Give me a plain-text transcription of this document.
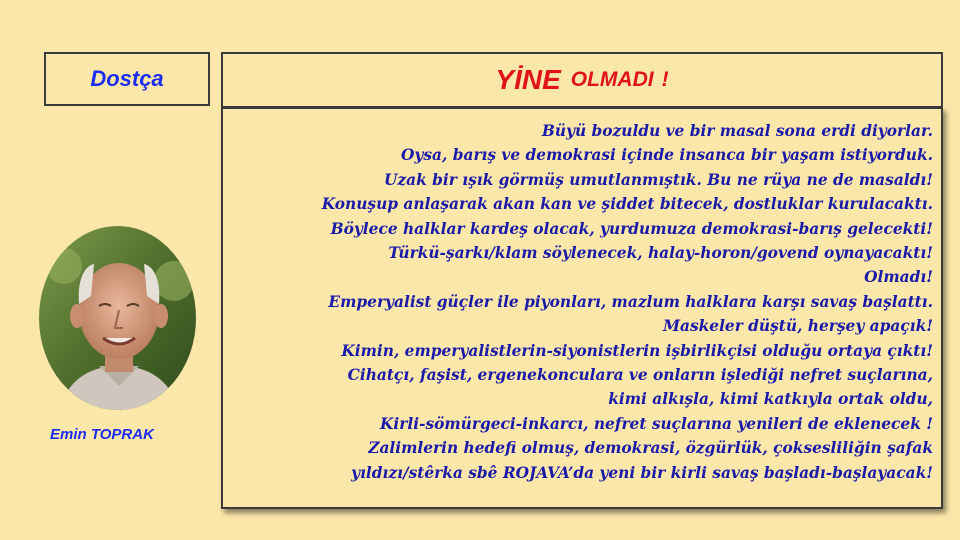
Dostça	YİNE OLMADI !
Büyü bozuldu ve bir masal sona erdi diyorlar.
Oysa, barış ve demokrasi içinde insanca bir yaşam istiyorduk.
Uzak bir ışık görmüş umutlanmıştık. Bu ne rüya ne de masaldı!
Konuşup anlaşarak akan kan ve şiddet bitecek, dostluklar kurulacaktı.
Böylece halklar kardeş olacak, yurdumuza demokrasi-barış gelecekti!
Türkü-şarkı/klam söylenecek, halay-horon/govend oynayacaktı!
Olmadı!
Emperyalist güçler ile piyonları, mazlum halklara karşı savaş başlattı.
Maskeler düştü, herşey apaçık!
Kimin, emperyalistlerin-siyonistlerin işbirlikçisi olduğu ortaya çıktı!
Cihatçı, faşist, ergenekonculara ve onların işlediği nefret suçlarına,
kimi alkışla, kimi katkıyla ortak oldu,
Kirli-sömürgeci-inkarcı, nefret suçlarına yenileri de eklenecek !
Zalimlerin hedefi olmuş, demokrasi, özgürlük, çoksesliliğin şafak
yıldızı/stêrka sbê ROJAVA’da yeni bir kirli savaş başladı-başlayacak!
Emin TOPRAK
